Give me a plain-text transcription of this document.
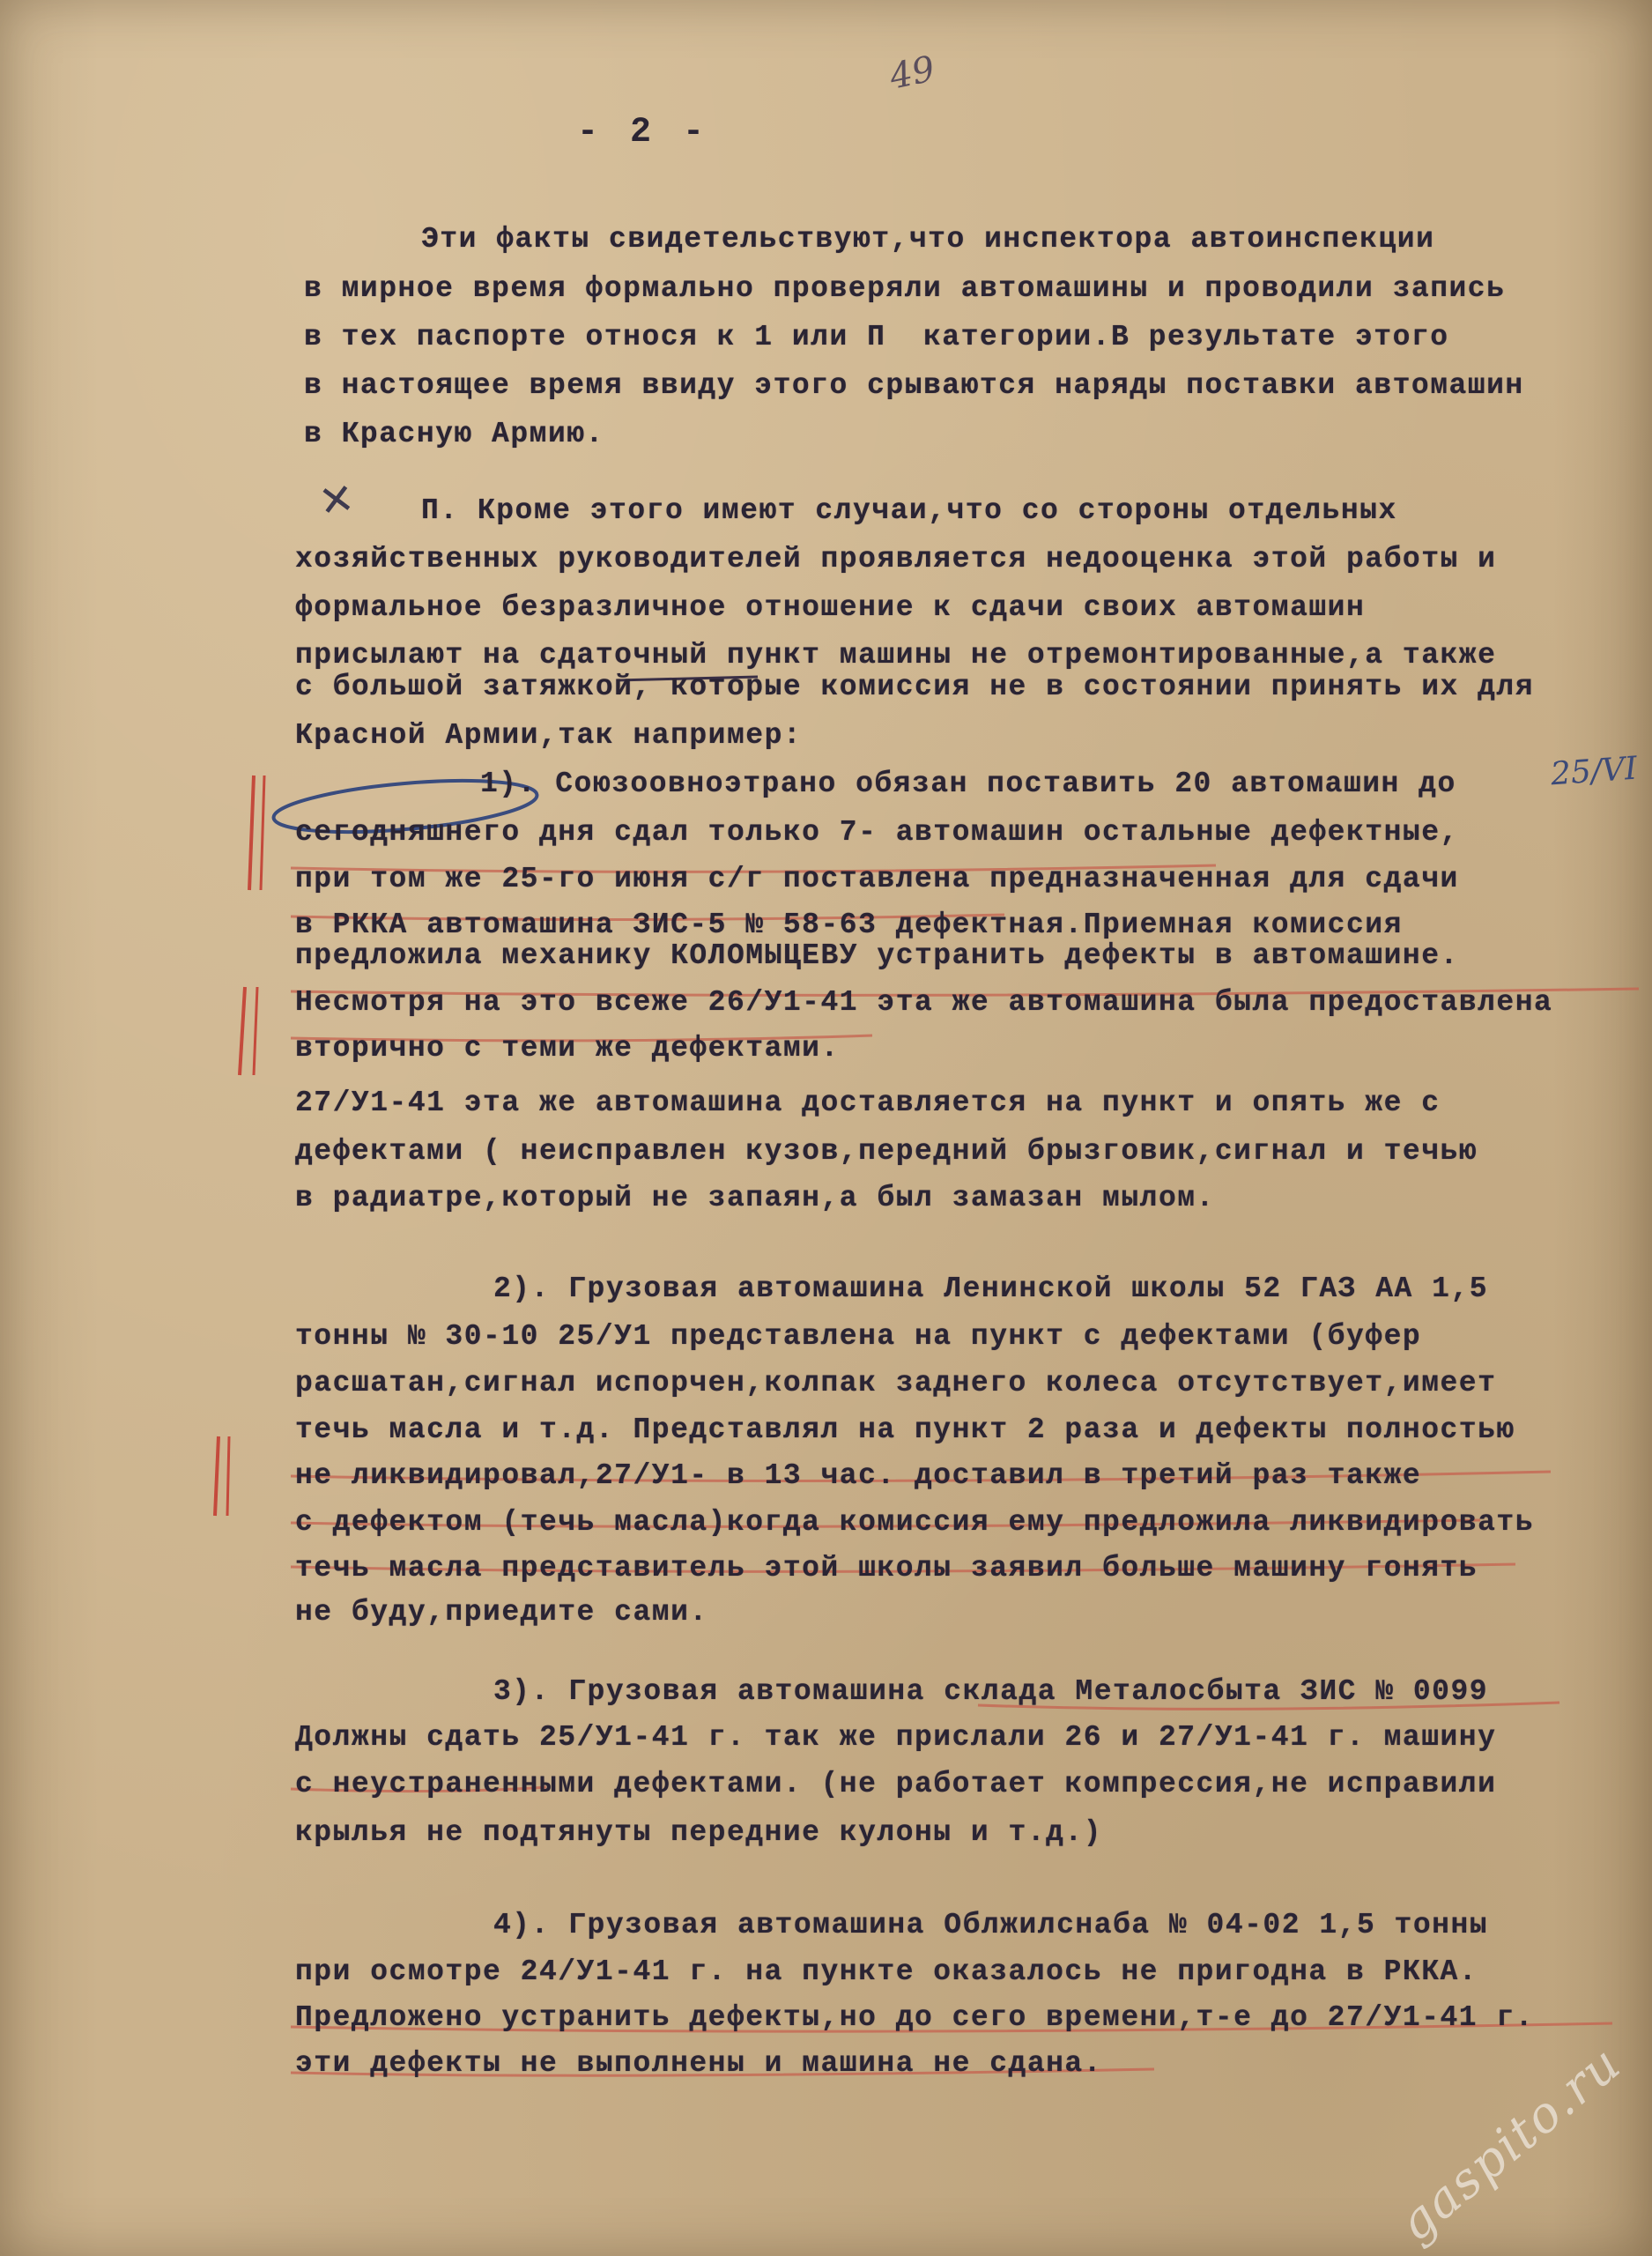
49
- 2 -
Эти факты свидетельствуют,что инспектора автоинспекции
в мирное время формально проверяли автомашины и проводили запись
в тех паспорте относя к 1 или П  категории.В результате этого
в настоящее время ввиду этого срываются наряды поставки автомашин
в Красную Армию.
✕ П. Кроме этого имеют случаи,что со стороны отдельных
хозяйственных руководителей проявляется недооценка этой работы и
формальное безразличное отношение к сдачи своих автомашин
присылают на сдаточный пункт машины не отремонтированные,а также
с большой затяжкой, которые комиссия не в состоянии принять их для
Красной Армии,так например:
1). Союзоовноэтрано обязан поставить 20 автомашин до	25/VI
сегодняшнего дня сдал только 7- автомашин остальные дефектные,
при том же 25-го июня с/г поставлена предназначенная для сдачи
в РККА автомашина ЗИС-5 № 58-63 дефектная.Приемная комиссия
предложила механику КОЛОМЫЦЕВУ устранить дефекты в автомашине.
Несмотря на это всеже 26/У1-41 эта же автомашина была предоставлена
вторично с теми же дефектами.
27/У1-41 эта же автомашина доставляется на пункт и опять же с
дефектами ( неисправлен кузов,передний брызговик,сигнал и течью
в радиатре,который не запаян,а был замазан мылом.
2). Грузовая автомашина Ленинской школы 52 ГАЗ АА 1,5
тонны № 30-10 25/У1 представлена на пункт с дефектами (буфер
расшатан,сигнал испорчен,колпак заднего колеса отсутствует,имеет
течь масла и т.д. Представлял на пункт 2 раза и дефекты полностью
не ликвидировал,27/У1- в 13 час. доставил в третий раз также
с дефектом (течь масла)когда комиссия ему предложила ликвидировать
течь масла представитель этой школы заявил больше машину гонять
не буду,приедите сами.
3). Грузовая автомашина склада Металосбыта ЗИС № 0099
Должны сдать 25/У1-41 г. так же прислали 26 и 27/У1-41 г. машину
с неустраненными дефектами. (не работает компрессия,не исправили
крылья не подтянуты передние кулоны и т.д.)
4). Грузовая автомашина Облжилснаба № 04-02 1,5 тонны
при осмотре 24/У1-41 г. на пункте оказалось не пригодна в РККА.
Предложено устранить дефекты,но до сего времени,т-е до 27/У1-41 г.
эти дефекты не выполнены и машина не сдана.	gaspito.ru
